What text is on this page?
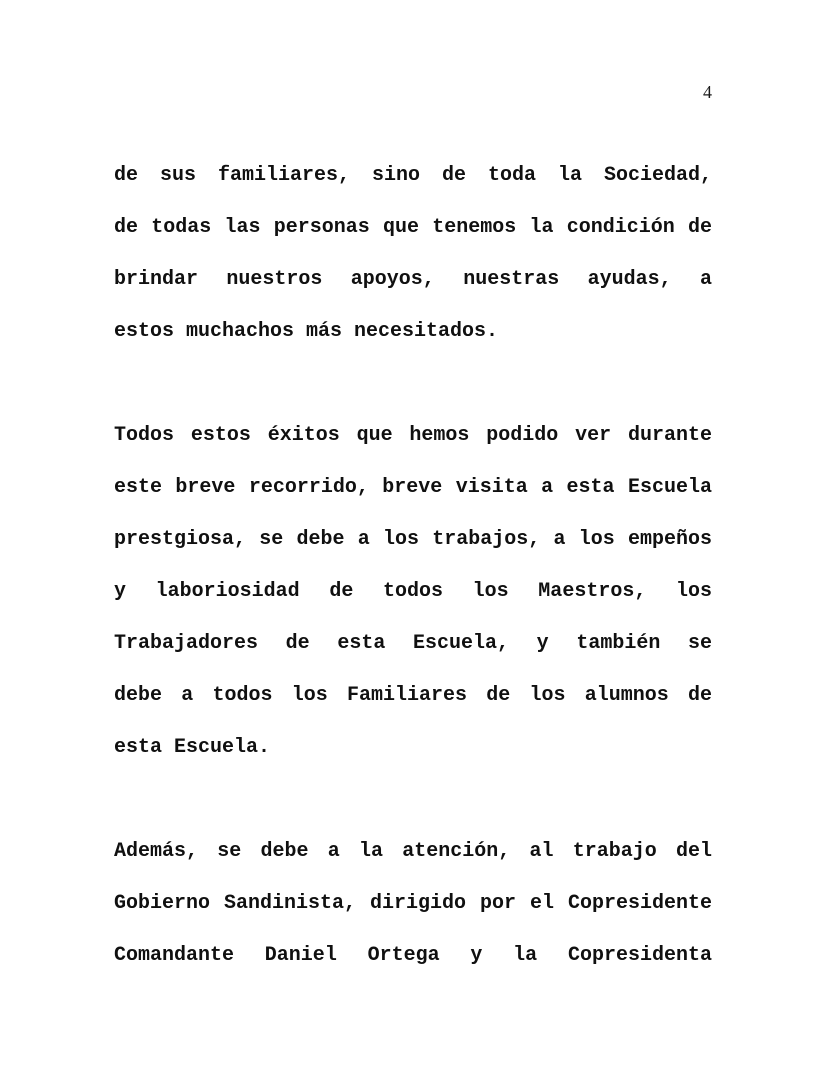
4
de sus familiares, sino de toda la Sociedad,
de todas las personas que tenemos la condición de
brindar nuestros apoyos, nuestras ayudas, a
estos muchachos más necesitados.
Todos estos éxitos que hemos podido ver durante
este breve recorrido, breve visita a esta Escuela
prestgiosa, se debe a los trabajos, a los empeños
y laboriosidad de todos los Maestros, los
Trabajadores de esta Escuela, y también se
debe a todos los Familiares de los alumnos de
esta Escuela.
Además, se debe a la atención, al trabajo del
Gobierno Sandinista, dirigido por el Copresidente
Comandante Daniel Ortega y la Copresidenta
